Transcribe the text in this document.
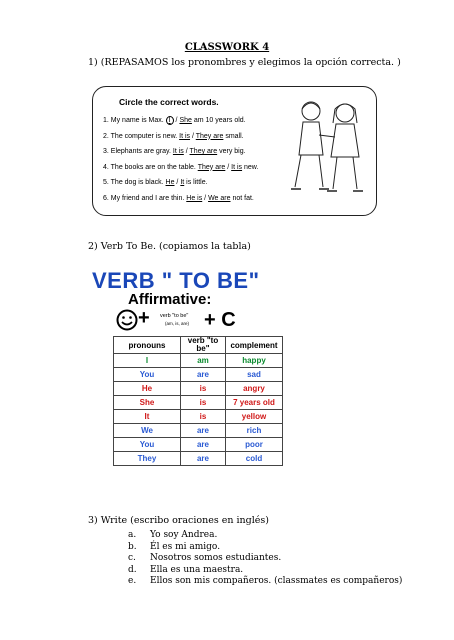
CLASSWORK 4
1) (REPASAMOS los pronombres y elegimos la opción correcta. )
Circle the correct words.
1. My name is Max. I / She am 10 years old.
2. The computer is new. It is / They are small.
3. Elephants are gray. It is / They are very big.
4. The books are on the table. They are / It is new.
5. The dog is black. He / It is little.
6. My friend and I are thin. He is / We are not fat.
2) Verb To Be. (copiamos la tabla)
VERB " TO BE"
Affirmative:
+ verb "to be"
(am, is, are) + C
pronouns	verb "to be"	complement
I	am	happy
You	are	sad
He	is	angry
She	is	7 years old
It	is	yellow
We	are	rich
You	are	poor
They	are	cold
3) Write (escribo oraciones en inglés)
a. Yo soy Andrea.
b. Él es mi amigo.
c. Nosotros somos estudiantes.
d. Ella es una maestra.
e. Ellos son mis compañeros. (classmates es compañeros)
